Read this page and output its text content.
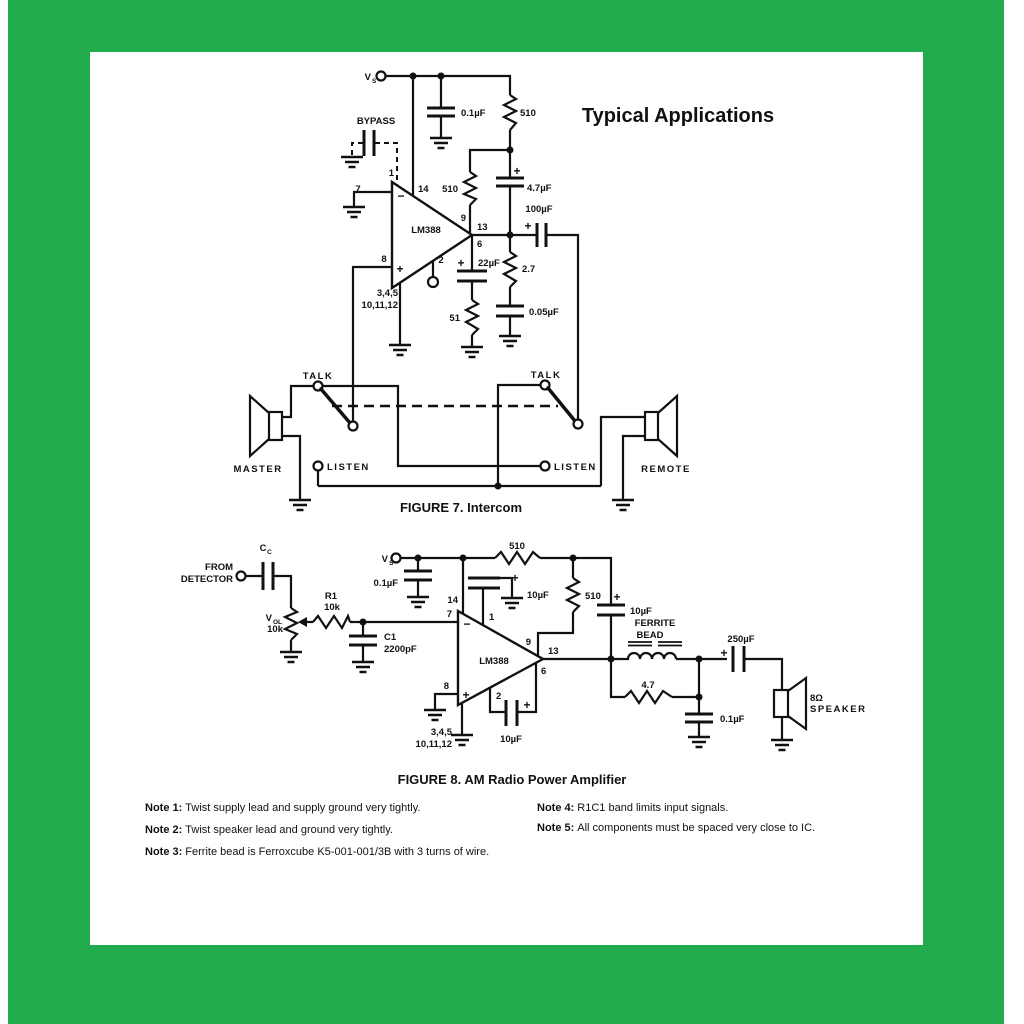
Typical Applications
BYPASS
1
V S
0.1µF	510
510
+
4.7µF
+
100µF
2.7
0.05µF
+ 22µF
51
LM388
−
+
7	14
9
13
6
8	2
3,4,5
10,11,12
TALK	TALK
LISTEN	LISTEN
MASTER	REMOTE
FIGURE 7. Intercom
FROM
DETECTOR
C C
V OL
10k
R1
10k
C1
2200pF
V S
0.1µF
510
510
+
10µF	+
10µF
LM388
−
+
14
7	1
9
13
6
8
2
3,4,5
10,11,12
+
10µF
FERRITE
BEAD
4.7
0.1µF
+
250µF
8Ω
SPEAKER
FIGURE 8. AM Radio Power Amplifier
Note 1: Twist supply lead and supply ground very tightly.
Note 2: Twist speaker lead and ground very tightly.
Note 3: Ferrite bead is Ferroxcube K5-001-001/3B with 3 turns of wire.
Note 4: R1C1 band limits input signals.
Note 5: All components must be spaced very close to IC.
